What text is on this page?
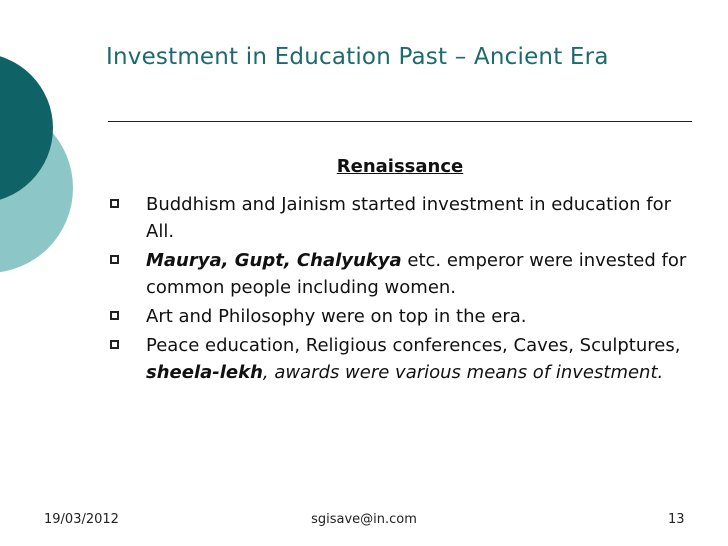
Investment in Education Past – Ancient Era
Renaissance
Buddhism and Jainism started investment in education for All.
Maurya, Gupt, Chalyukya etc. emperor were invested for common people including women.
Art and Philosophy were on top in the era.
Peace education, Religious conferences, Caves, Sculptures, sheela-lekh, awards were various means of investment.
19/03/2012	sgisave@in.com	13
